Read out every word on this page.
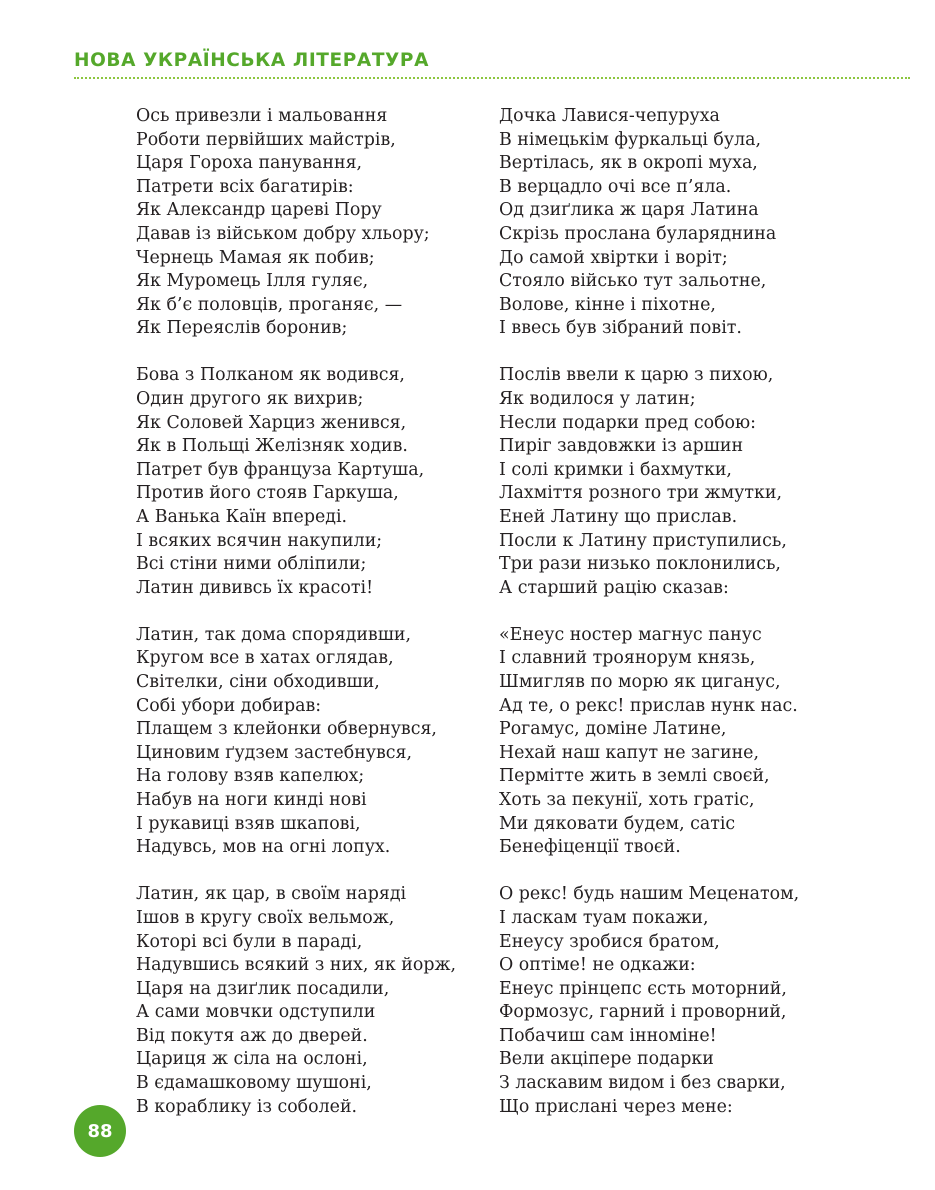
НОВА УКРАЇНСЬКА ЛІТЕРАТУРА
Ось привезли і мальовання
Роботи первійших майстрів,
Царя Гороха панування,
Патрети всіх багатирів:
Як Александр цареві Пору
Давав із військом добру хльору;
Чернець Мамая як побив;
Як Муромець Ілля гуляє,
Як б’є половців, проганяє, —
Як Переяслів боронив;
Бова з Полканом як водився,
Один другого як вихрив;
Як Соловей Харциз женився,
Як в Польщі Желізняк ходив.
Патрет був француза Картуша,
Против його стояв Гаркуша,
А Ванька Каїн впереді.
І всяких всячин накупили;
Всі стіни ними обліпили;
Латин дививсь їх красоті!
Латин, так дома спорядивши,
Кругом все в хатах оглядав,
Світелки, сіни обходивши,
Собі убори добирав:
Плащем з клейонки обвернувся,
Циновим ґудзем застебнувся,
На голову взяв капелюх;
Набув на ноги кинді нові
І рукавиці взяв шкапові,
Надувсь, мов на огні лопух.
Латин, як цар, в своїм наряді
Ішов в кругу своїх вельмож,
Которі всі були в параді,
Надувшись всякий з них, як йорж,
Царя на дзиґлик посадили,
А сами мовчки одступили
Від покутя аж до дверей.
Цариця ж сіла на ослоні,
В єдамашковому шушоні,
В кораблику із соболей.
Дочка Лавися-чепуруха
В німецькім фуркальці була,
Вертілась, як в окропі муха,
В верцадло очі все п’яла.
Од дзиґлика ж царя Латина
Скрізь прослана буларяднина
До самой хвіртки і воріт;
Стояло військо тут зальотне,
Волове, кінне і піхотне,
І ввесь був зібраний повіт.
Послів ввели к царю з пихою,
Як водилося у латин;
Несли подарки пред собою:
Пиріг завдовжки із аршин
І солі кримки і бахмутки,
Лахміття розного три жмутки,
Еней Латину що прислав.
Посли к Латину приступились,
Три рази низько поклонились,
А старший рацію сказав:
«Енеус ностер магнус панус
І славний троянорум князь,
Шмигляв по морю як циганус,
Ад те, о рекс! прислав нунк нас.
Рогамус, доміне Латине,
Нехай наш капут не загине,
Пермітте жить в землі своєй,
Хоть за пекунії, хоть гратіс,
Ми дяковати будем, сатіс
Бенефіценції твоєй.
О рекс! будь нашим Меценатом,
І ласкам туам покажи,
Енеусу зробися братом,
О оптіме! не одкажи:
Енеус прінцепс єсть моторний,
Формозус, гарний і проворний,
Побачиш сам інноміне!
Вели акціпере подарки
З ласкавим видом і без сварки,
Що прислані через мене:
88
